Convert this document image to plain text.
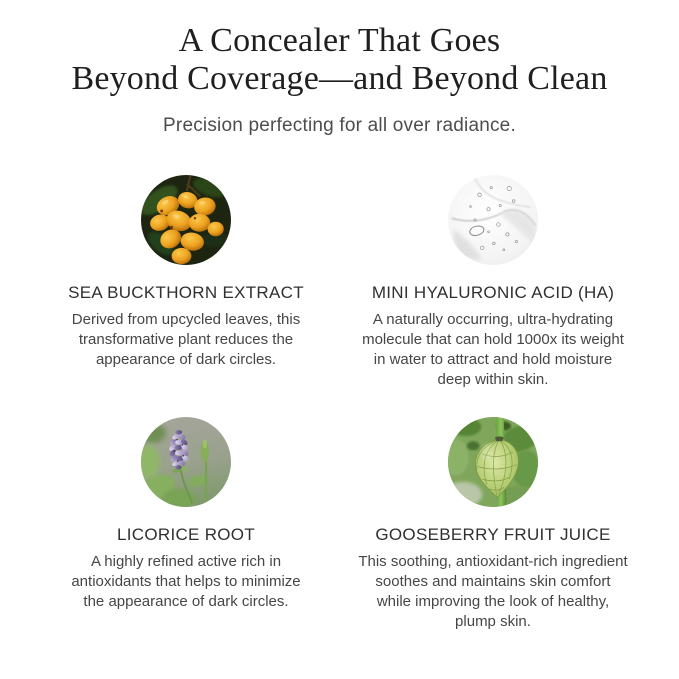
A Concealer That Goes
Beyond Coverage—and Beyond Clean

Precision perfecting for all over radiance.

SEA BUCKTHORN EXTRACT
Derived from upcycled leaves, this
transformative plant reduces the
appearance of dark circles.
MINI HYALURONIC ACID (HA)
A naturally occurring, ultra-hydrating
molecule that can hold 1000x its weight
in water to attract and hold moisture
deep within skin.
LICORICE ROOT
A highly refined active rich in
antioxidants that helps to minimize
the appearance of dark circles.
GOOSEBERRY FRUIT JUICE
This soothing, antioxidant-rich ingredient
soothes and maintains skin comfort
while improving the look of healthy,
plump skin.
